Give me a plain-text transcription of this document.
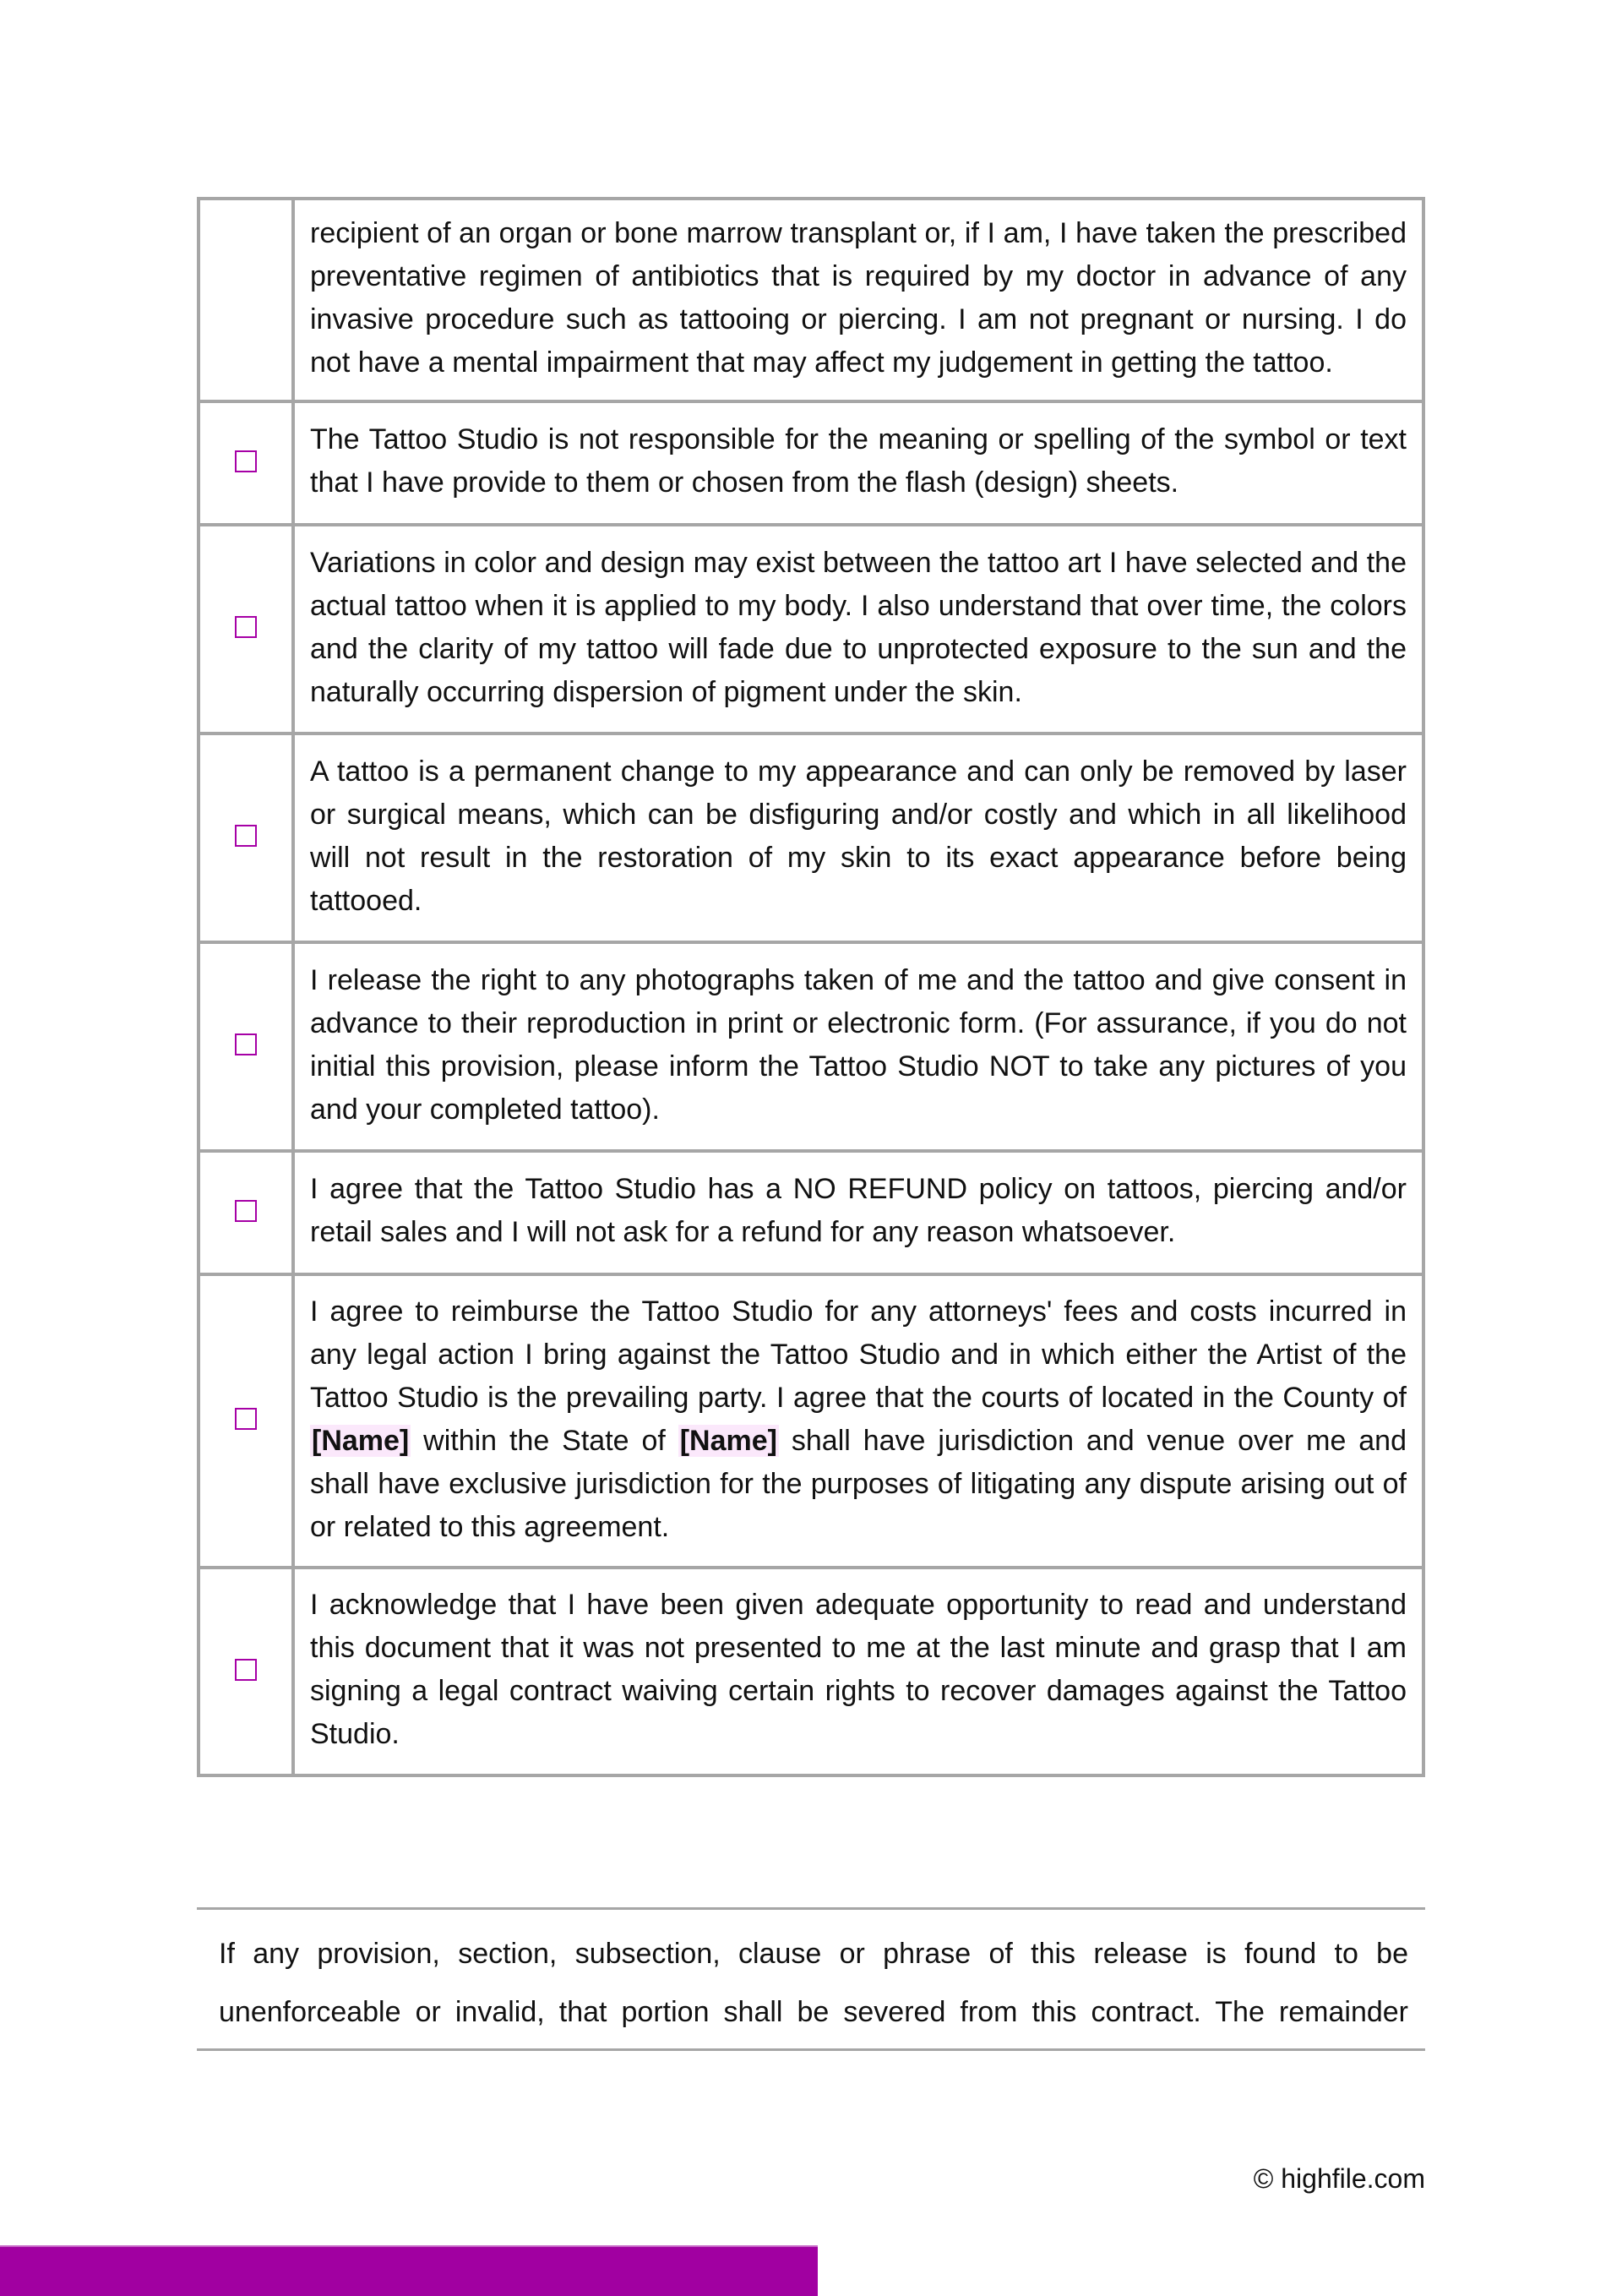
	recipient of an organ or bone marrow transplant or, if I am, I have taken the prescribed preventative regimen of antibiotics that is required by my doctor in advance of any invasive procedure such as tattooing or piercing. I am not pregnant or nursing. I do not have a mental impairment that may affect my judgement in getting the tattoo.
	The Tattoo Studio is not responsible for the meaning or spelling of the symbol or text that I have provide to them or chosen from the flash (design) sheets.
	Variations in color and design may exist between the tattoo art I have selected and the actual tattoo when it is applied to my body. I also understand that over time, the colors and the clarity of my tattoo will fade due to unprotected exposure to the sun and the naturally occurring dispersion of pigment under the skin.
	A tattoo is a permanent change to my appearance and can only be removed by laser or surgical means, which can be disfiguring and/or costly and which in all likelihood will not result in the restoration of my skin to its exact appearance before being tattooed.
	I release the right to any photographs taken of me and the tattoo and give consent in advance to their reproduction in print or electronic form. (For assurance, if you do not initial this provision, please inform the Tattoo Studio NOT to take any pictures of you and your completed tattoo).
	I agree that the Tattoo Studio has a NO REFUND policy on tattoos, piercing and/or retail sales and I will not ask for a refund for any reason whatsoever.
	I agree to reimburse the Tattoo Studio for any attorneys' fees and costs incurred in any legal action I bring against the Tattoo Studio and in which either the Artist of the Tattoo Studio is the prevailing party. I agree that the courts of located in the County of [Name] within the State of [Name] shall have jurisdiction and venue over me and shall have exclusive jurisdiction for the purposes of litigating any dispute arising out of or related to this agreement.
	I acknowledge that I have been given adequate opportunity to read and understand this document that it was not presented to me at the last minute and grasp that I am signing a legal contract waiving certain rights to recover damages against the Tattoo Studio.

If any provision, section, subsection, clause or phrase of this release is found to be unenforceable or invalid, that portion shall be severed from this contract. The remainder

© highfile.com
